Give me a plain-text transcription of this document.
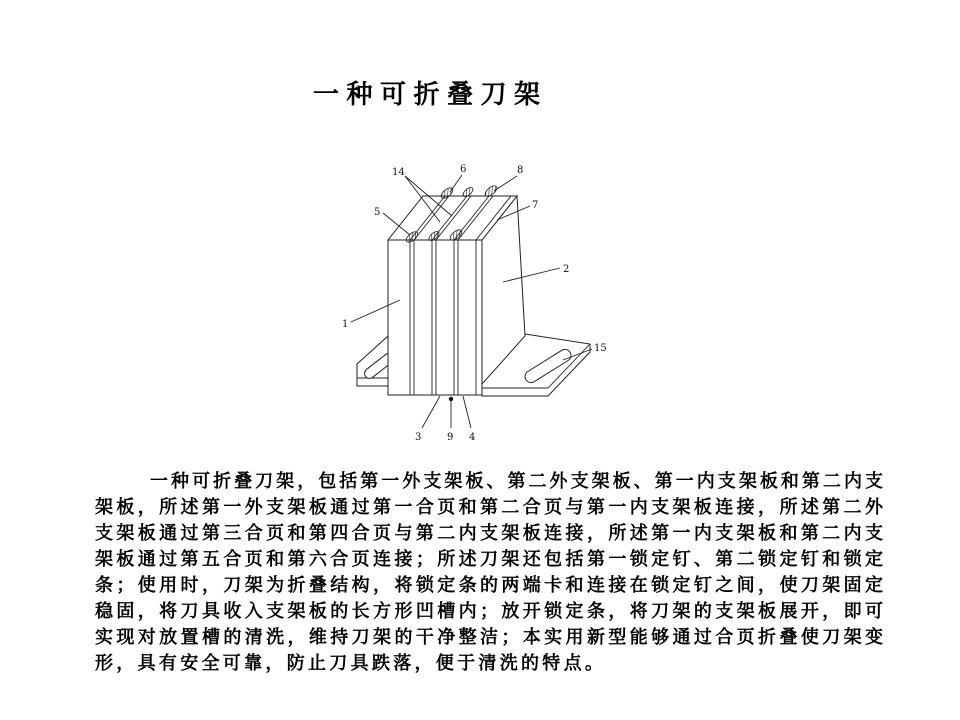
一种可折叠刀架
14	6	8
5
7
2
1
15
3	9 4
一种可折叠刀架，包括第一外支架板、第二外支架板、第一内支架板和第二内支
架板，所述第一外支架板通过第一合页和第二合页与第一内支架板连接，所述第二外
支架板通过第三合页和第四合页与第二内支架板连接，所述第一内支架板和第二内支
架板通过第五合页和第六合页连接；所述刀架还包括第一锁定钉、第二锁定钉和锁定
条；使用时，刀架为折叠结构，将锁定条的两端卡和连接在锁定钉之间，使刀架固定
稳固，将刀具收入支架板的长方形凹槽内；放开锁定条，将刀架的支架板展开，即可
实现对放置槽的清洗，维持刀架的干净整洁；本实用新型能够通过合页折叠使刀架变
形，具有安全可靠，防止刀具跌落，便于清洗的特点。
